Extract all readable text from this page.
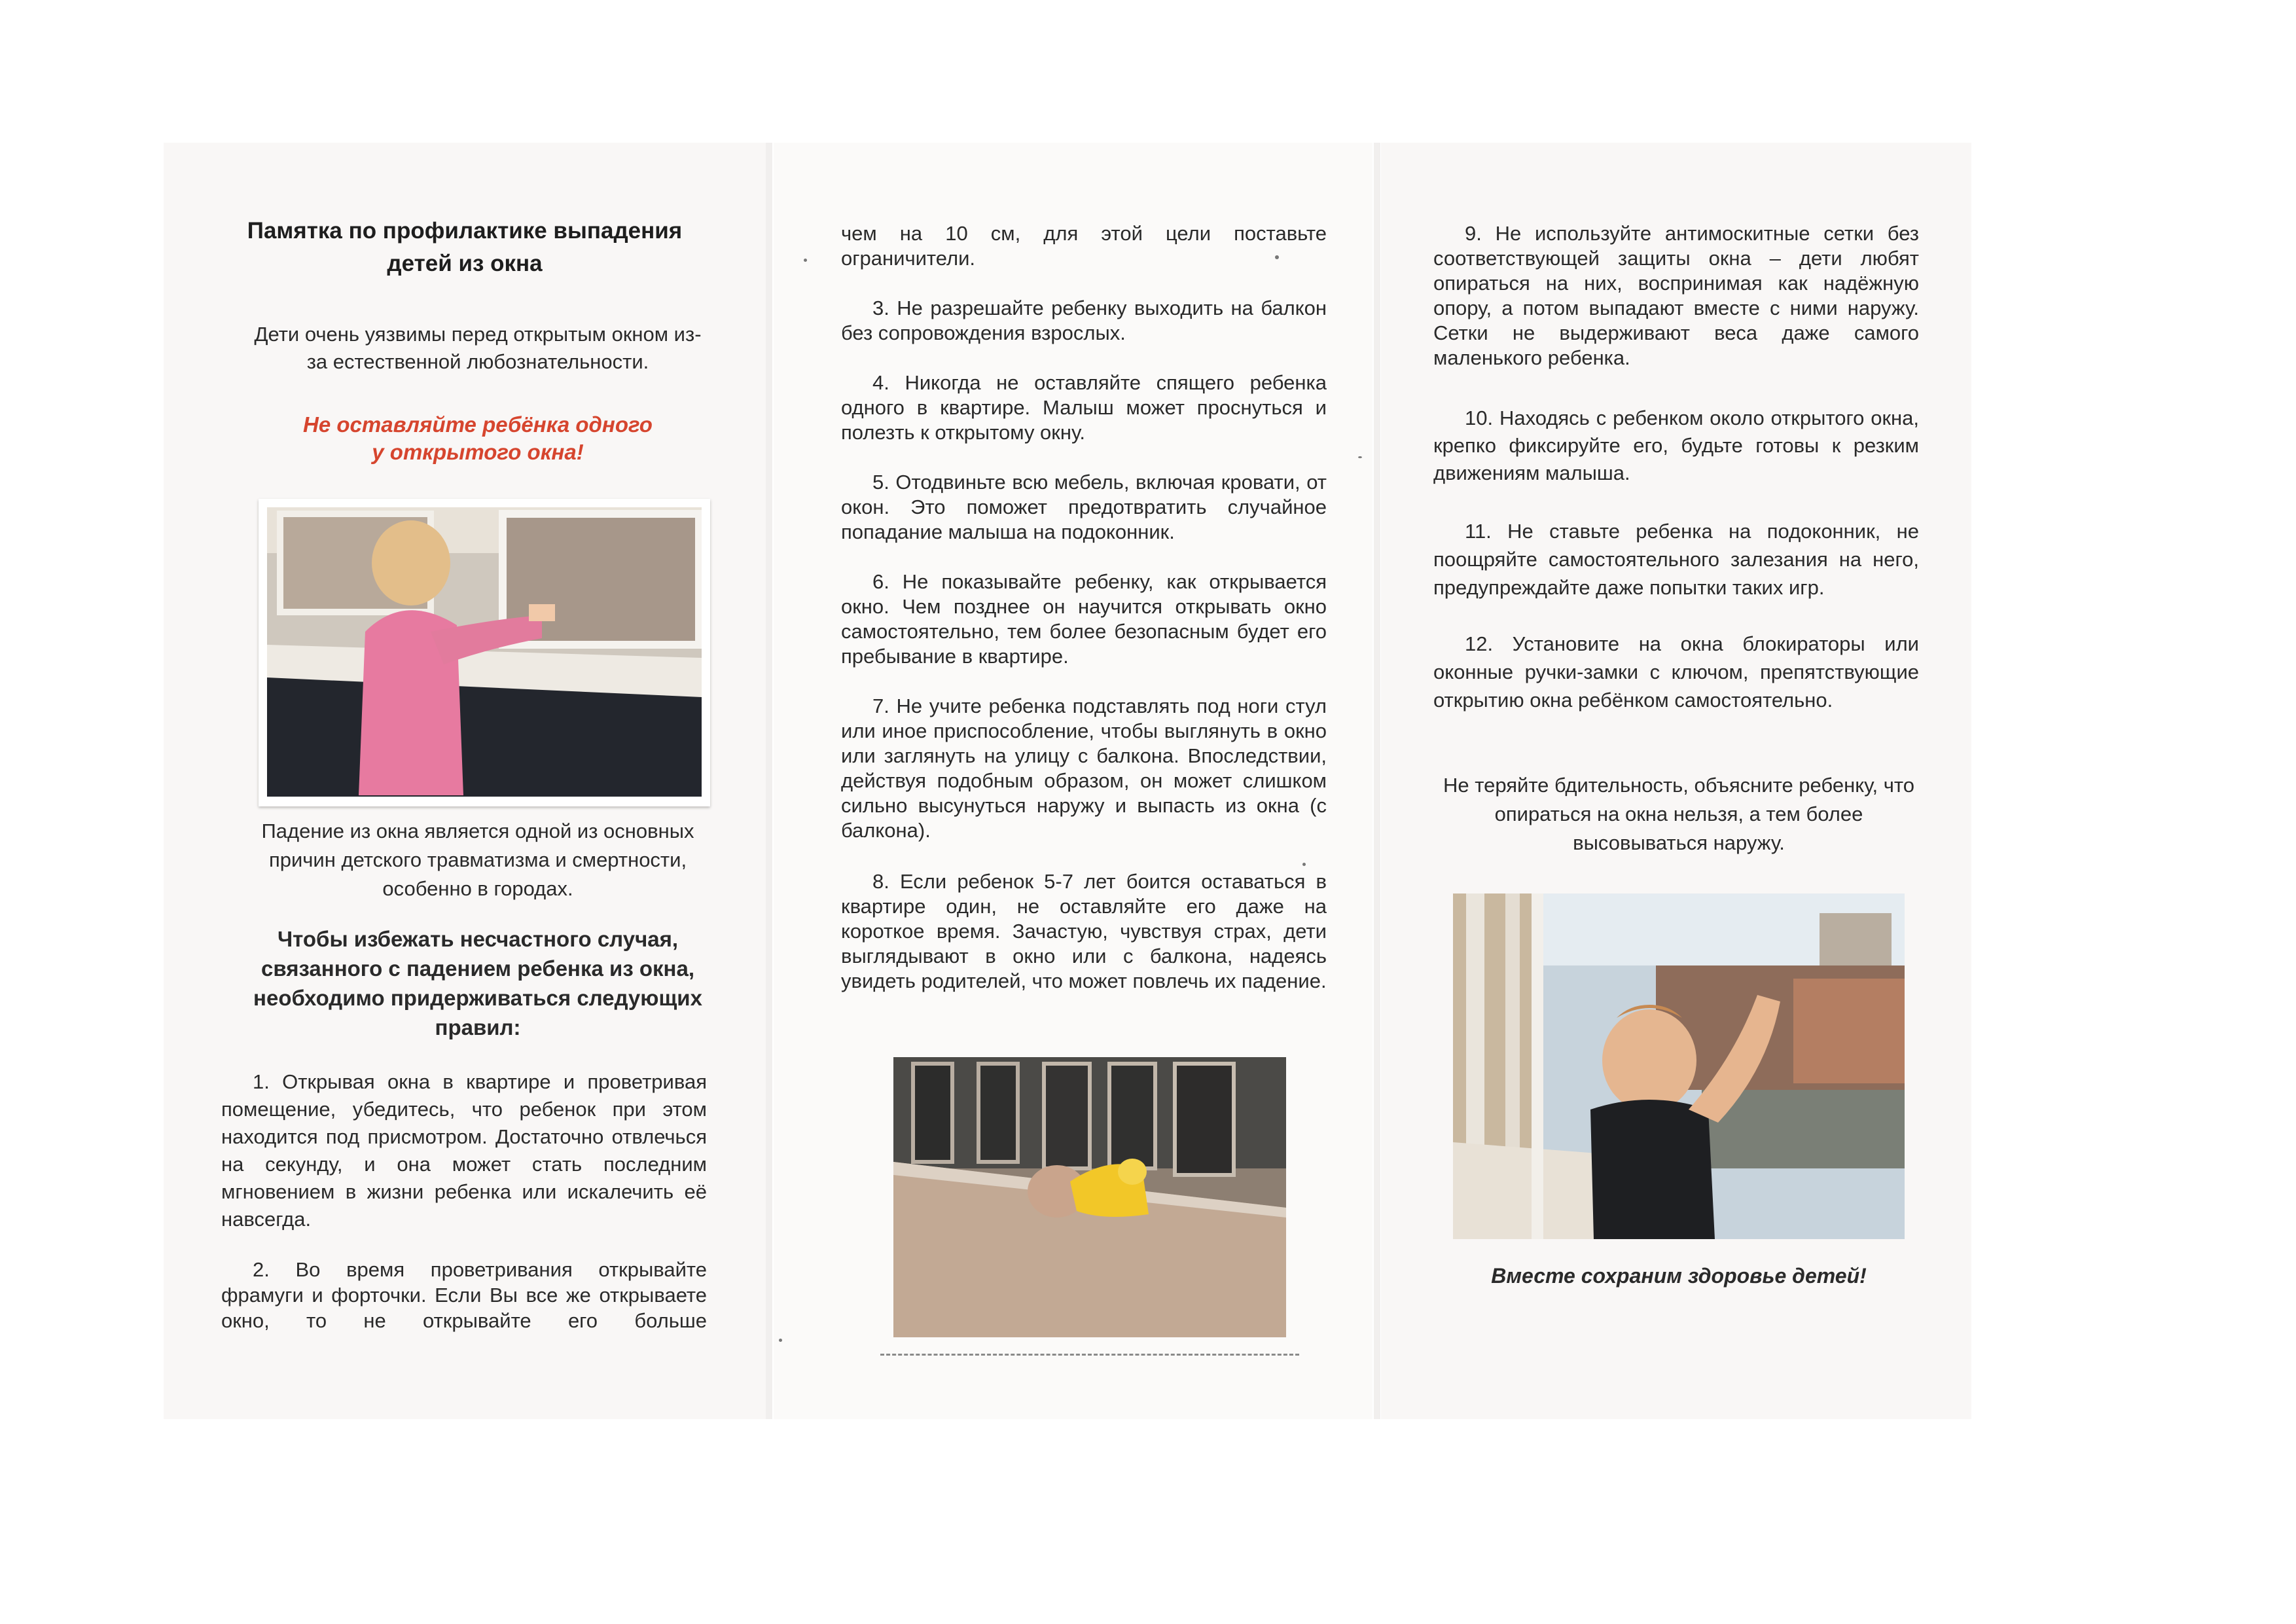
Памятка по профилактике выпадения детей из окна

Дети очень уязвимы перед открытым окном из-за естественной любознательности.

Не оставляйте ребёнка одного

у открытого окна!

Падение из окна является одной из основных причин детского травматизма и смертности, особенно в городах.

Чтобы избежать несчастного случая, связанного с падением ребенка из окна, необходимо придерживаться следующих правил:

1. Открывая окна в квартире и проветривая помещение, убедитесь, что ребенок при этом находится под присмотром. Достаточно отвлечься на секунду, и она может стать последним мгновением в жизни ребенка или искалечить её навсегда.

2. Во время проветривания открывайте фрамуги и форточки. Если Вы все же открываете окно, то не открывайте его больше

чем на 10 см, для этой цели поставьте ограничители.

3. Не разрешайте ребенку выходить на балкон без сопровождения взрослых.

4. Никогда не оставляйте спящего ребенка одного в квартире. Малыш может проснуться и полезть к открытому окну.

5. Отодвиньте всю мебель, включая кровати, от окон. Это поможет предотвратить случайное попадание малыша на подоконник.

6. Не показывайте ребенку, как открывается окно. Чем позднее он научится открывать окно самостоятельно, тем более безопасным будет его пребывание в квартире.

7. Не учите ребенка подставлять под ноги стул или иное приспособление, чтобы выглянуть в окно или заглянуть на улицу с балкона. Впоследствии, действуя подобным образом, он может слишком сильно высунуться наружу и выпасть из окна (с балкона).

8. Если ребенок 5-7 лет боится оставаться в квартире один, не оставляйте его даже на короткое время. Зачастую, чувствуя страх, дети выглядывают в окно или с балкона, надеясь увидеть родителей, что может повлечь их падение.

9. Не используйте антимоскитные сетки без соответствующей защиты окна – дети любят опираться на них, воспринимая как надёжную опору, а потом выпадают вместе с ними наружу. Сетки не выдерживают веса даже самого маленького ребенка.

10. Находясь с ребенком около открытого окна, крепко фиксируйте его, будьте готовы к резким движениям малыша.

11. Не ставьте ребенка на подоконник, не поощряйте самостоятельного залезания на него, предупреждайте даже попытки таких игр.

12. Установите на окна блокираторы или оконные ручки-замки с ключом, препятствующие открытию окна ребёнком самостоятельно.

Не теряйте бдительность, объясните ребенку, что опираться на окна нельзя, а тем более высовываться наружу.

Вместе сохраним здоровье детей!
